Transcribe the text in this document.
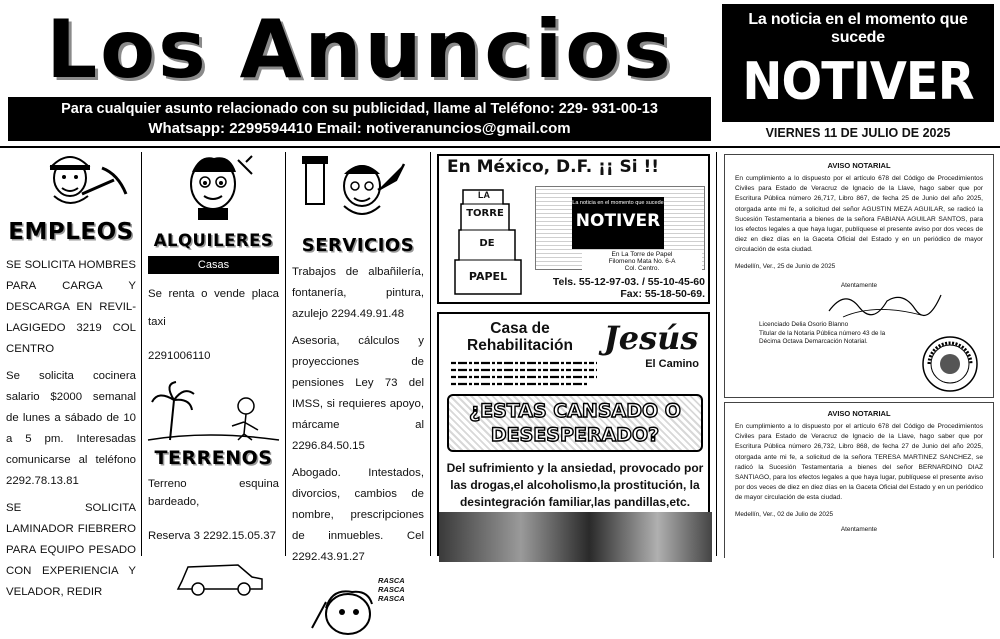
Los Anuncios
Para cualquier asunto relacionado con su publicidad, llame al Teléfono: 229- 931-00-13
Whatsapp: 2299594410 Email: notiveranuncios@gmail.com
La noticia en el momento que sucede
NOTIVER
VIERNES 11 DE JULIO DE 2025
EMPLEOS

SE SOLICITA HOMBRES PARA CARGA Y DESCARGA EN REVIL-LAGIGEDO 3219 COL CENTRO

Se solicita cocinera salario $2000 semanal de lunes a sábado de 10 a 5 pm. Interesadas comunicarse al teléfono 2292.78.13.81

SE SOLICITA LAMINADOR FIEBRERO PARA EQUIPO PESADO CON EXPERIENCIA Y VELADOR, REDIR

ALQUILERES
Casas

Se renta o vende placa taxi

2291006110

TERRENOS

Terreno esquina bardeado,

Reserva 3 2292.15.05.37

SERVICIOS

Trabajos de albañilería, fontanería, pintura, azulejo 2294.49.91.48

Asesoria, cálculos y proyecciones de pensiones Ley 73 del IMSS, si requieres apoyo, márcame al 2296.84.50.15

Abogado. Intestados, divorcios, cambios de nombre, prescripciones de inmuebles. Cel 2292.43.91.27

RASCA RASCA RASCA
En México, D.F. ¡¡ Si !!
LA
TORRE
DE
PAPEL
La noticia en el momento que sucede
NOTIVER
En La Torre de Papel
Filomeno Mata No. 6-A
Col. Centro.
Tels. 55-12-97-03. / 55-10-45-60
Fax: 55-18-50-69.
Casa de
Rehabilitación Jesús
El Camino
¿ESTAS CANSADO O DESESPERADO?
Del sufrimiento y la ansiedad, provocado por las drogas,el alcoholismo,la prostitución, la desintegración familiar,las pandillas,etc.
AVISO NOTARIAL
En cumplimiento a lo dispuesto por el artículo 678 del Código de Procedimientos Civiles para Estado de Veracruz de Ignacio de la Llave, hago saber que por Escritura Pública número 26,717, Libro 867, de fecha 25 de Junio del año 2025, otorgada ante mi fe, a solicitud del señor AGUSTIN MEZA AGUILAR, se radicó la Sucesión Testamentaria a bienes de la señora FABIANA AGUILAR SANTOS, para los efectos legales a que haya lugar, publíquese el presente aviso por dos veces de diez en diez días en la Gaceta Oficial del Estado y en un periódico de mayor circulación de esta ciudad.
Medellín, Ver., 25 de Junio de 2025
Atentamente
Licenciado Delia Osorio Blanno
Titular de la Notaria Pública número 43 de la
Décima Octava Demarcación Notarial.
AVISO NOTARIAL
En cumplimiento a lo dispuesto por el artículo 678 del Código de Procedimientos Civiles para Estado de Veracruz de Ignacio de la Llave, hago saber que por Escritura Pública número 26,732, Libro 868, de fecha 27 de Junio del año 2025, otorgada ante mi fe, a solicitud de la señora TERESA MARTINEZ SANCHEZ, se radicó la Sucesión Testamentaria a bienes del señor BERNARDINO DIAZ SANTIAGO, para los efectos legales a que haya lugar, publíquese el presente aviso por dos veces de diez en diez días en la Gaceta Oficial del Estado y en un periódico de mayor circulación de esta ciudad.
Medellín, Ver., 02 de Julio de 2025
Atentamente
